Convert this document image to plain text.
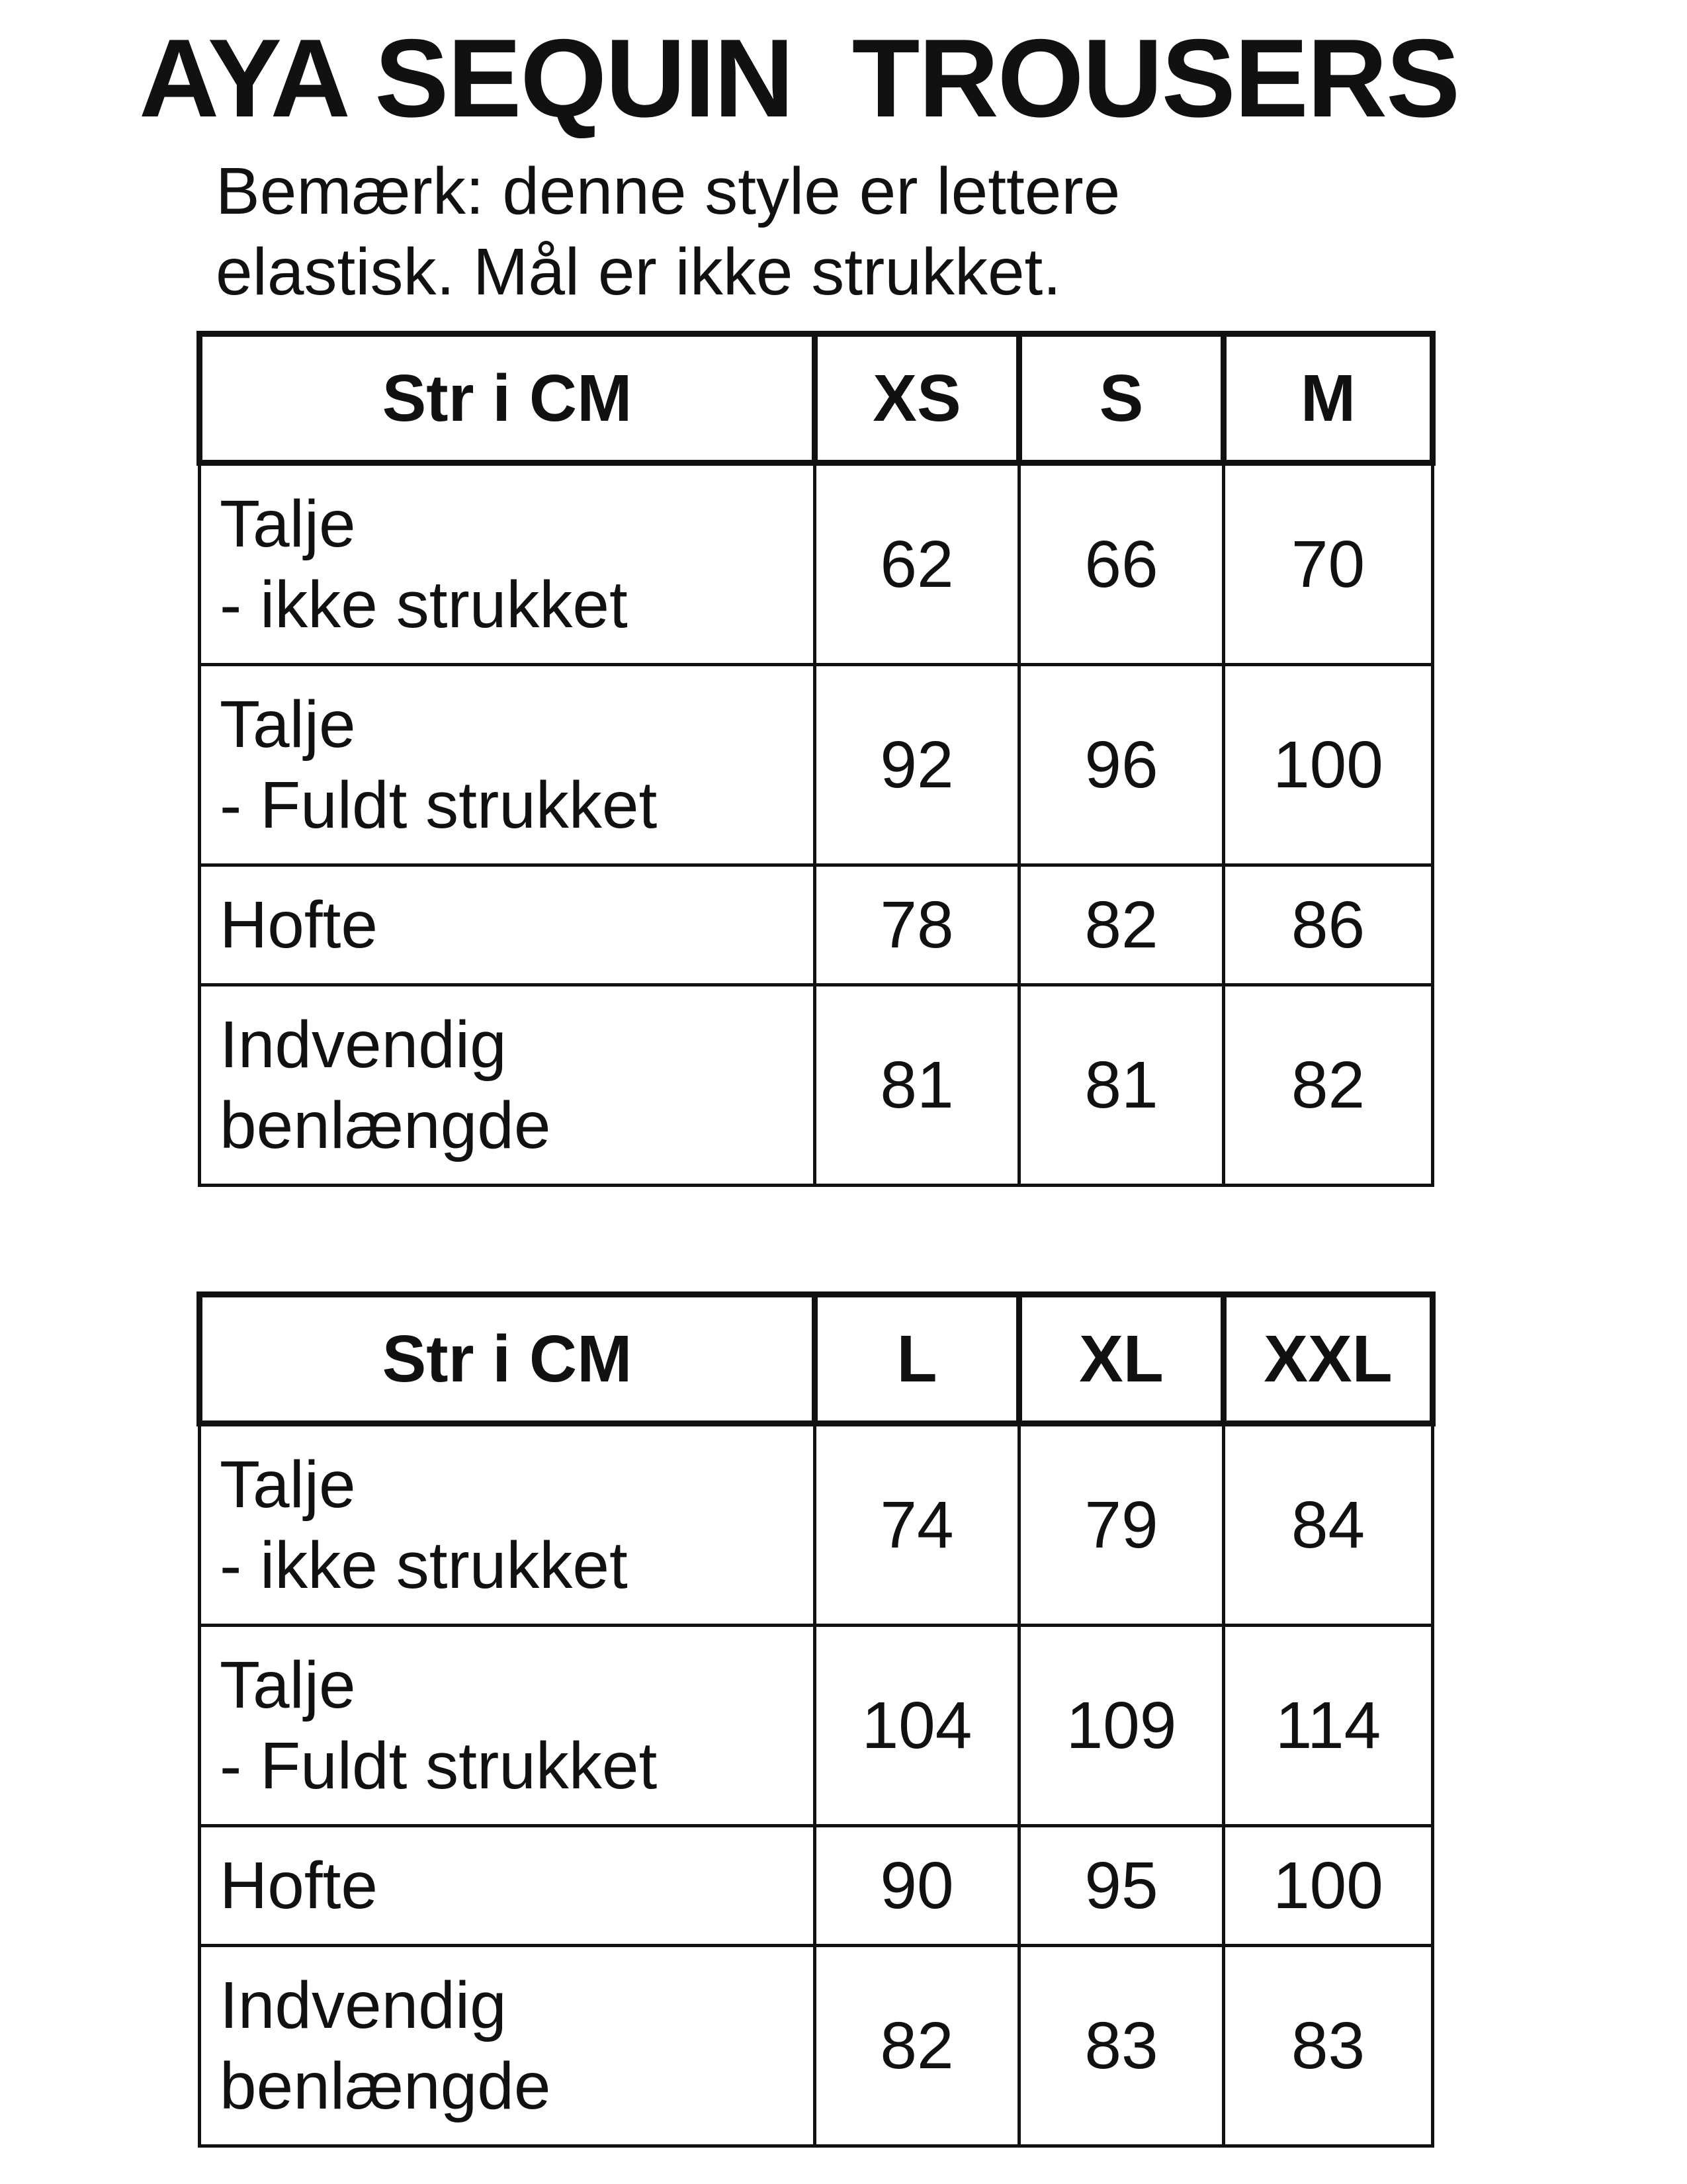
AYA SEQUIN  TROUSERS

Bemærk: denne style er lettere
elastisk. Mål er ikke strukket.

Str i CM	XS	S	M

Talje
- ikke strukket	62	66	70

Talje
- Fuldt strukket	92	96	100

Hofte	78	82	86

Indvendig
benlængde	81	81	82
Str i CM	L	XL	XXL

Talje
- ikke strukket	74	79	84

Talje
- Fuldt strukket	104	109	114

Hofte	90	95	100

Indvendig
benlængde	82	83	83
